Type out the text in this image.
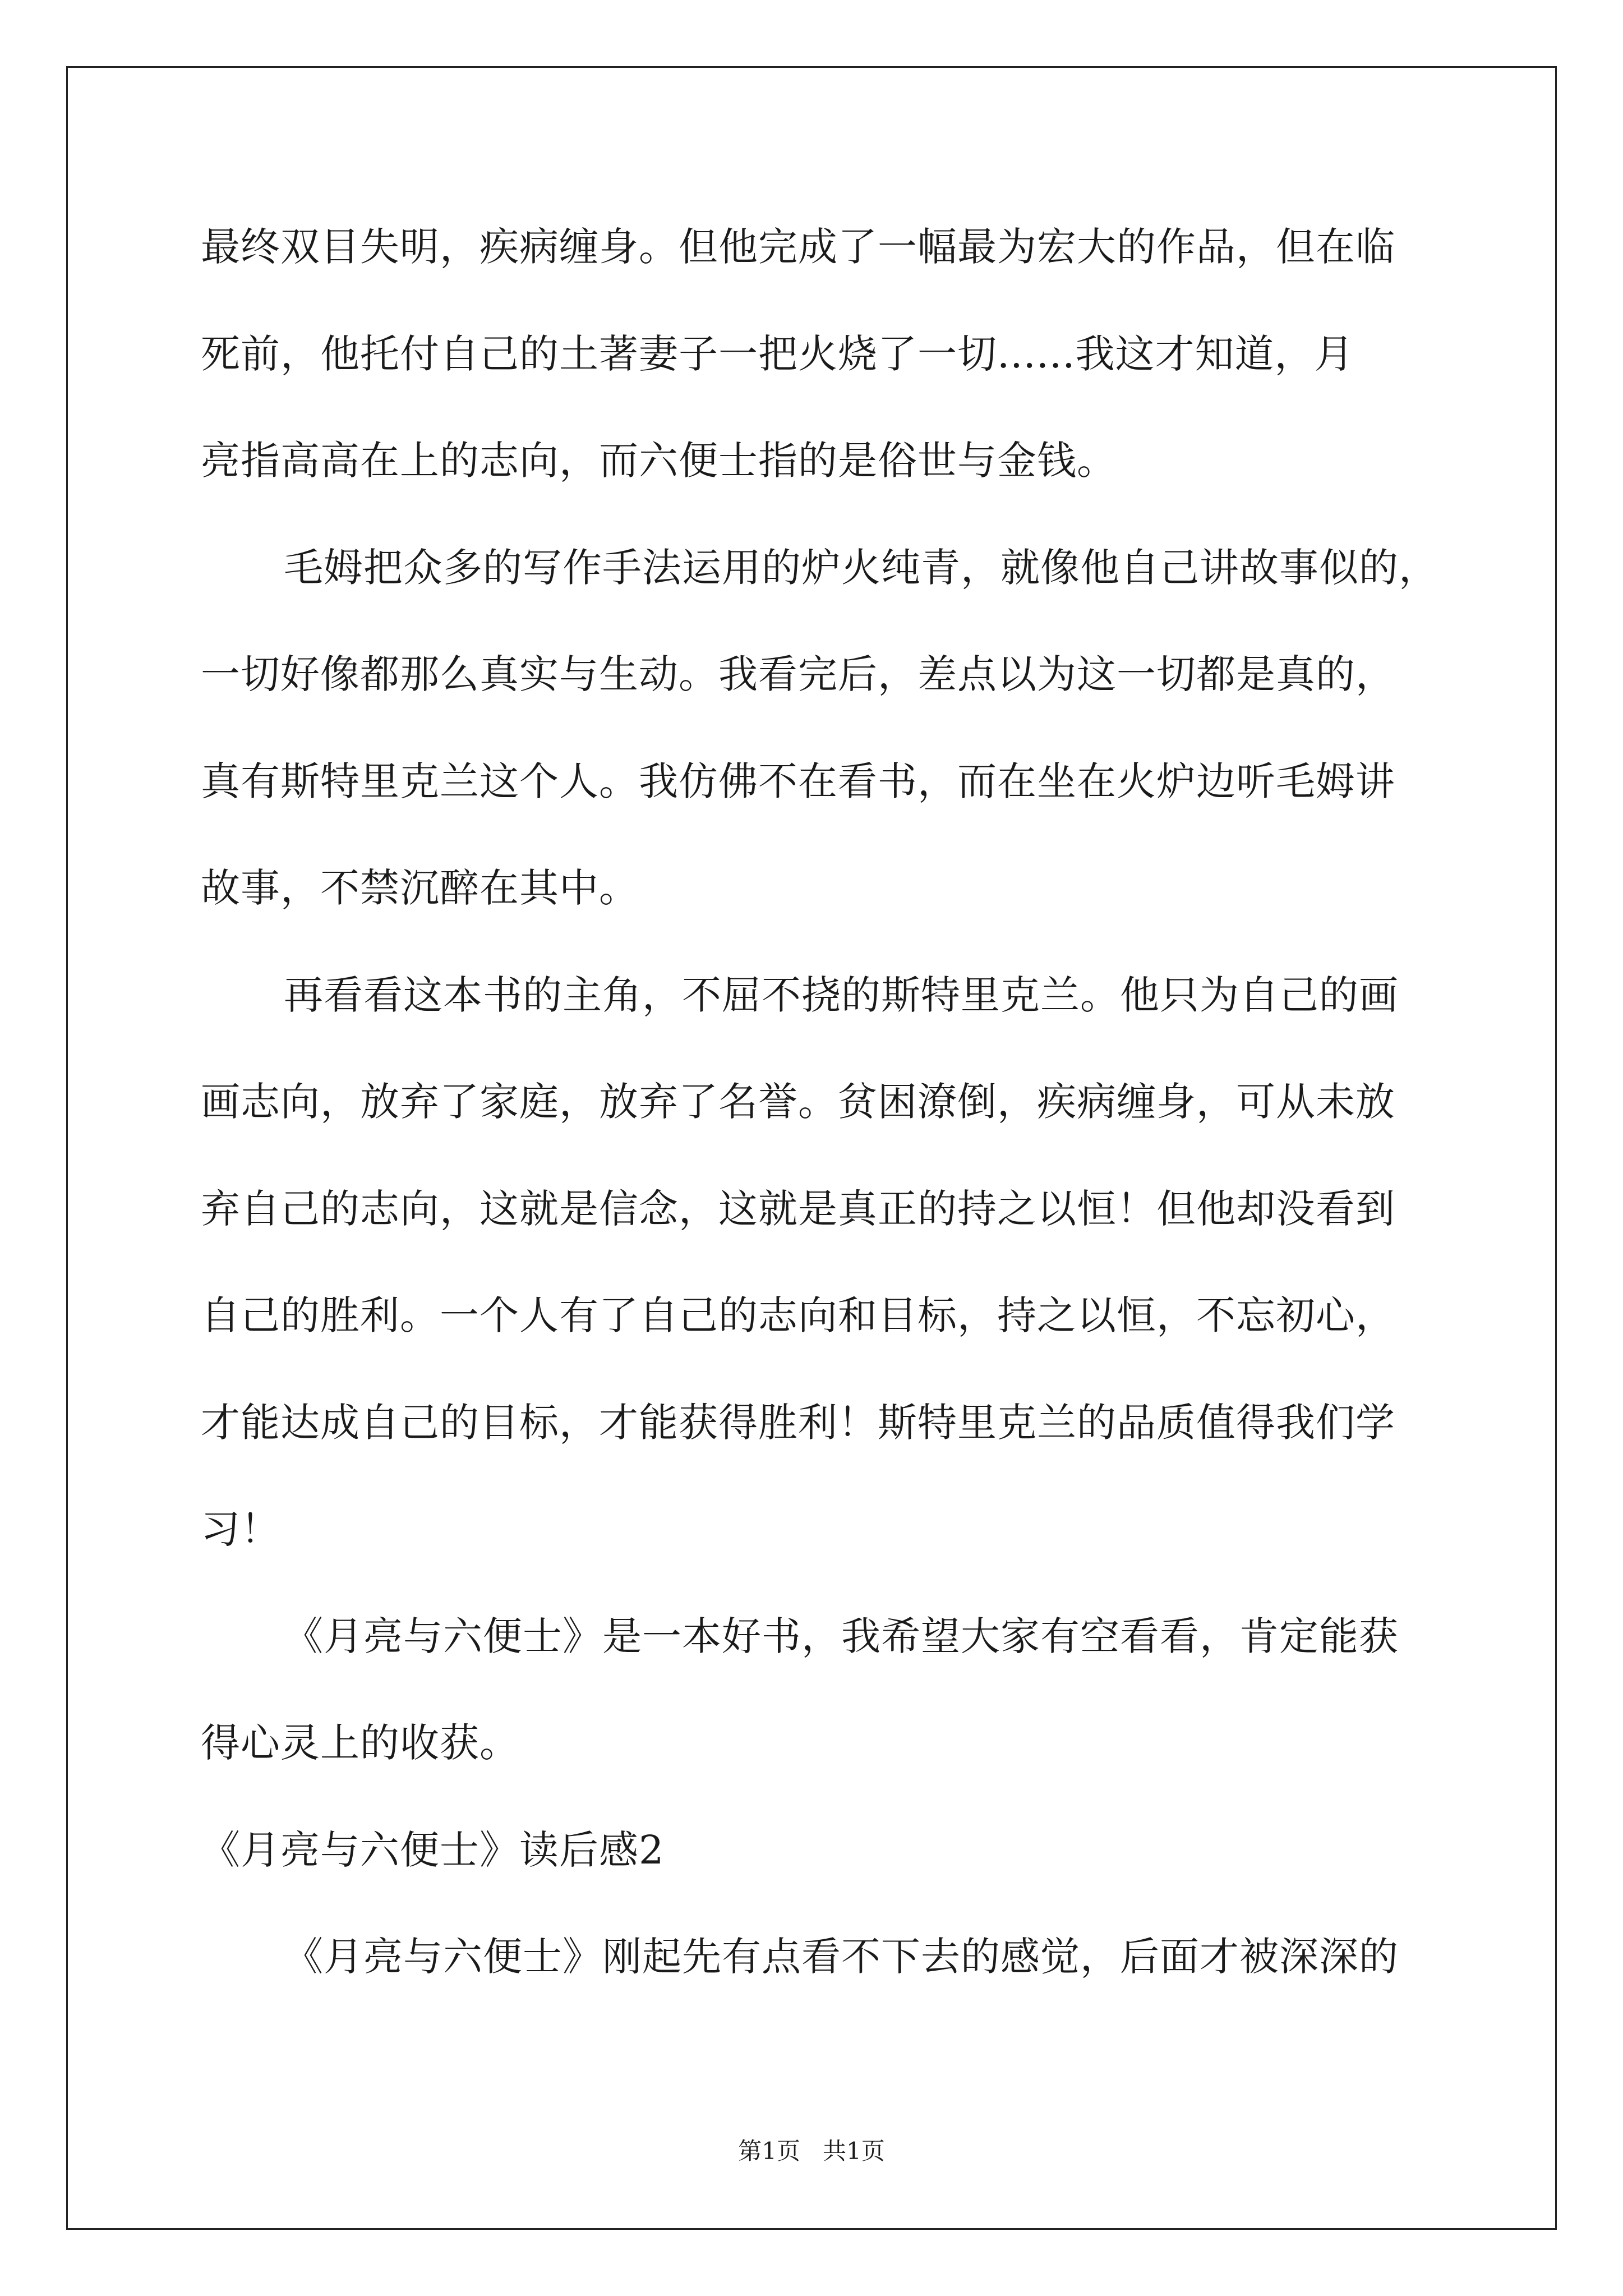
最终双目失明，疾病缠身。但他完成了一幅最为宏大的作品，但在临
死前，他托付自己的土著妻子一把火烧了一切......我这才知道，月
亮指高高在上的志向，而六便士指的是俗世与金钱。
毛姆把众多的写作手法运用的炉火纯青，就像他自己讲故事似的，
一切好像都那么真实与生动。我看完后，差点以为这一切都是真的，
真有斯特里克兰这个人。我仿佛不在看书，而在坐在火炉边听毛姆讲
故事，不禁沉醉在其中。
再看看这本书的主角，不屈不挠的斯特里克兰。他只为自己的画
画志向，放弃了家庭，放弃了名誉。贫困潦倒，疾病缠身，可从未放
弃自己的志向，这就是信念，这就是真正的持之以恒！但他却没看到
自己的胜利。一个人有了自己的志向和目标，持之以恒，不忘初心，
才能达成自己的目标，才能获得胜利！斯特里克兰的品质值得我们学
习！
《月亮与六便士》是一本好书，我希望大家有空看看，肯定能获
得心灵上的收获。
《月亮与六便士》读后感2
《月亮与六便士》刚起先有点看不下去的感觉，后面才被深深的
第1页   共1页
